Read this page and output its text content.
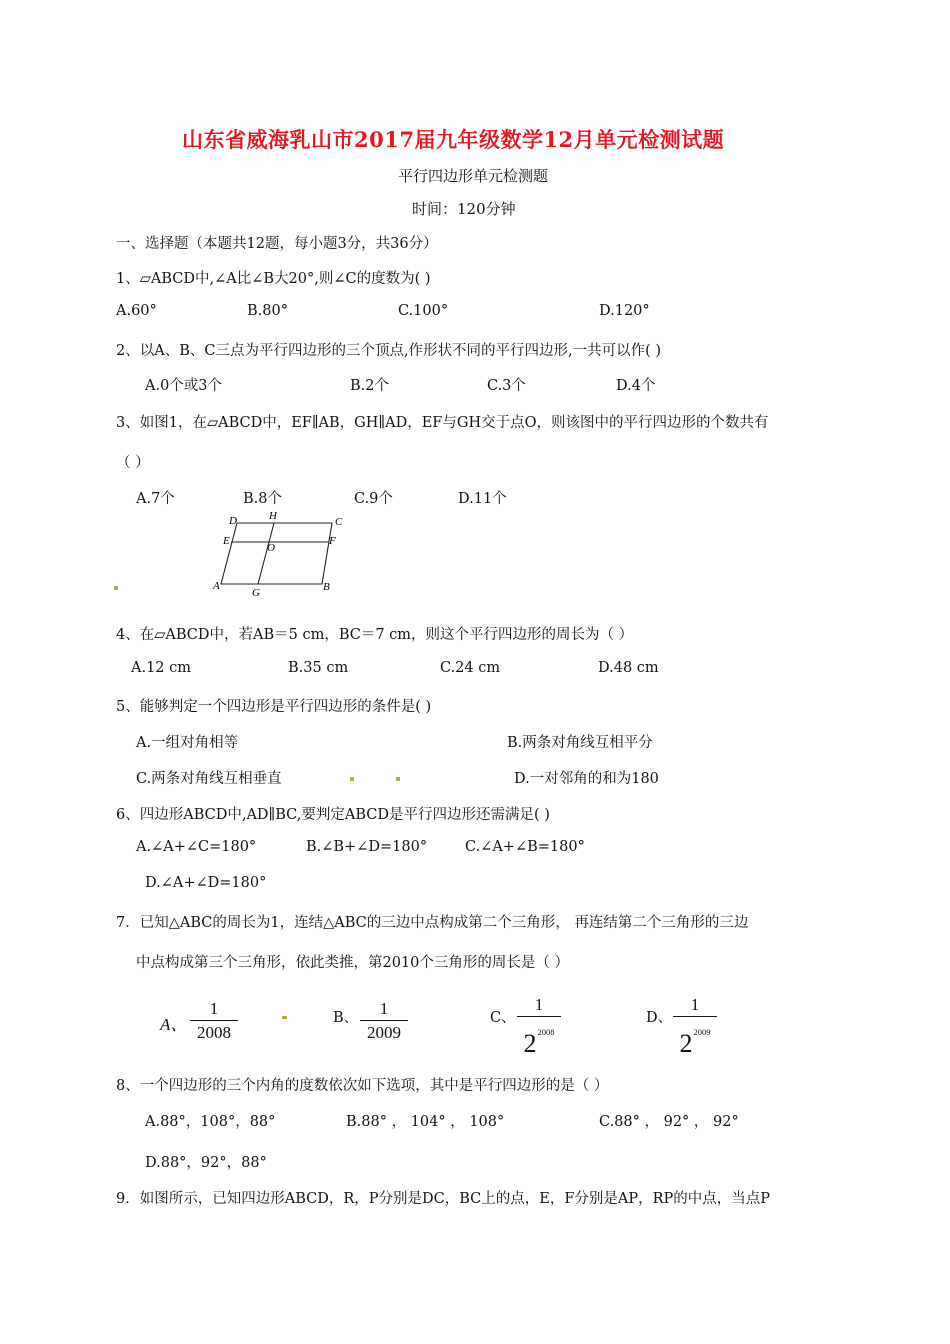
山东省威海乳山市2017届九年级数学12月单元检测试题
平行四边形单元检测题
时间：120分钟
一、选择题（本题共12题，每小题3分，共36分）
1、▱ABCD中,∠A比∠B大20°,则∠C的度数为( )
A.60°	B.80°	C.100°	D.120°
2、以A、B、C三点为平行四边形的三个顶点,作形状不同的平行四边形,一共可以作( )
A.0个或3个	B.2个	C.3个	D.4个
3、如图1，在▱ABCD中，EF∥AB，GH∥AD，EF与GH交于点O，则该图中的平行四边形的个数共有
（ ）
A.7个	B.8个	C.9个	D.11个
D	H	C
E
O
F
A
G	B
4、在▱ABCD中，若AB＝5 cm，BC＝7 cm，则这个平行四边形的周长为（ ）
A.12 cm	B.35 cm	C.24 cm	D.48 cm
5、能够判定一个四边形是平行四边形的条件是( )
A.一组对角相等	B.两条对角线互相平分
C.两条对角线互相垂直	D.一对邻角的和为180
6、四边形ABCD中,AD∥BC,要判定ABCD是平行四边形还需满足( )
A.∠A+∠C=180°	B.∠B+∠D=180°	C.∠A+∠B=180°
D.∠A+∠D=180°
7．已知△ABC的周长为1，连结△ABC的三边中点构成第二个三角形， 再连结第二个三角形的三边
中点构成第三个三角形，依此类推，第2010个三角形的周长是（ ）
A、
1
2008
B、	1
2009
C、
1
$2^{2008}$
D、
1
$2^{2009}$
8、一个四边形的三个内角的度数依次如下选项，其中是平行四边形的是（ ）
A.88°，108°，88°	B.88° ， 104° ， 108°	C.88° ， 92° ， 92°
D.88°，92°，88°
9．如图所示，已知四边形ABCD，R，P分别是DC，BC上的点，E，F分别是AP，RP的中点，当点P
